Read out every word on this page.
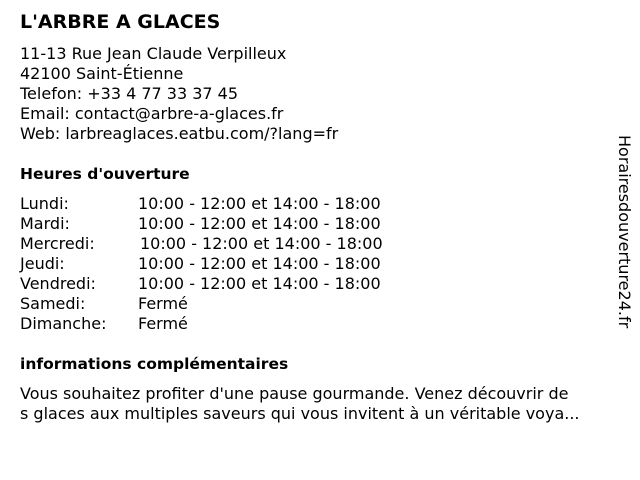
L'ARBRE A GLACES
11-13 Rue Jean Claude Verpilleux
42100 Saint-Étienne
Telefon: +33 4 77 33 37 45
Email: contact@arbre-a-glaces.fr
Web: larbreaglaces.eatbu.com/?lang=fr
Heures d'ouverture
Lundi:	10:00 - 12:00 et 14:00 - 18:00
Mardi:	10:00 - 12:00 et 14:00 - 18:00
Mercredi:	10:00 - 12:00 et 14:00 - 18:00
Jeudi:	10:00 - 12:00 et 14:00 - 18:00
Vendredi:	10:00 - 12:00 et 14:00 - 18:00
Samedi:	Fermé
Dimanche: Fermé
informations complémentaires
Vous souhaitez profiter d'une pause gourmande. Venez découvrir de
s glaces aux multiples saveurs qui vous invitent à un véritable voya...
Horairesdouverture24.fr
